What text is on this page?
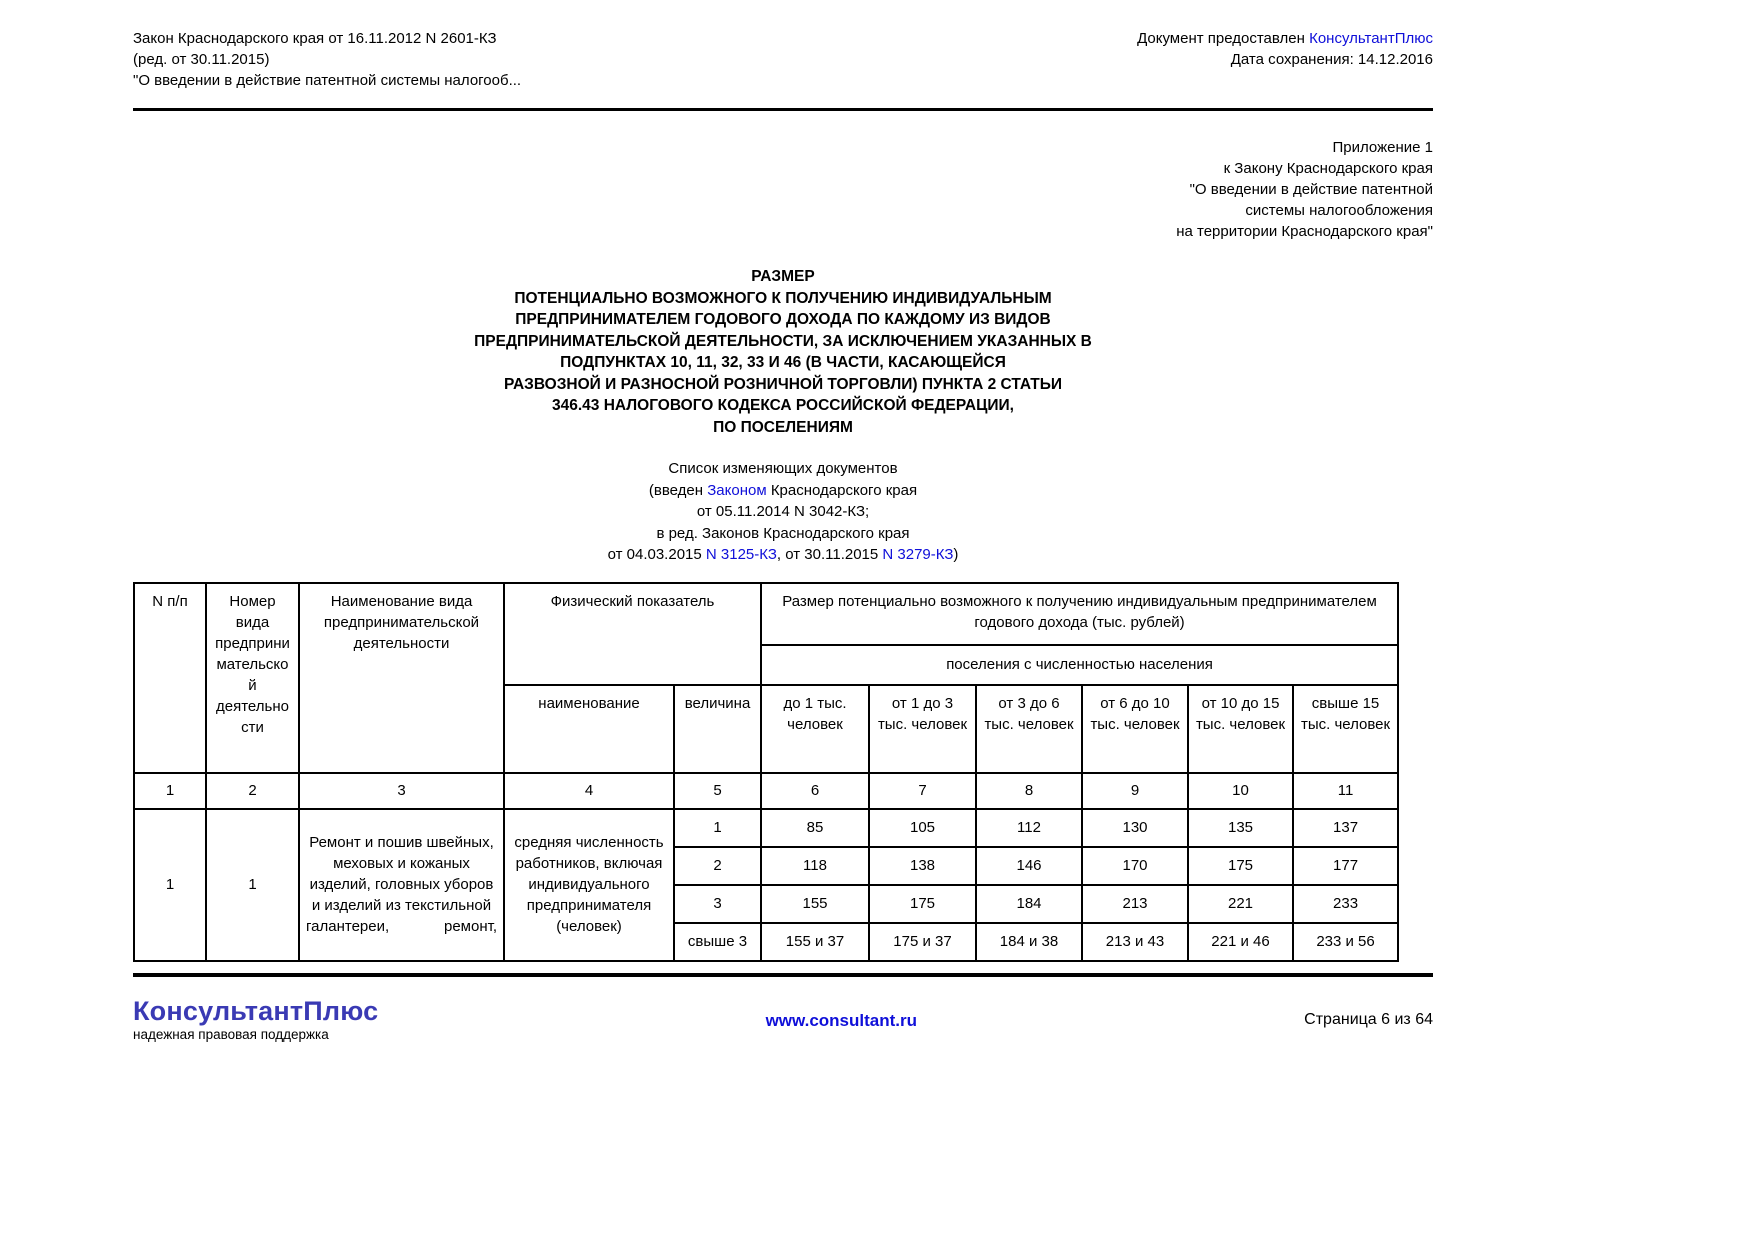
Закон Краснодарского края от 16.11.2012 N 2601-КЗ
(ред. от 30.11.2015)
"О введении в действие патентной системы налогооб...
Документ предоставлен КонсультантПлюс
Дата сохранения: 14.12.2016
Приложение 1
к Закону Краснодарского края
"О введении в действие патентной
системы налогообложения
на территории Краснодарского края"
РАЗМЕР
ПОТЕНЦИАЛЬНО ВОЗМОЖНОГО К ПОЛУЧЕНИЮ ИНДИВИДУАЛЬНЫМ
ПРЕДПРИНИМАТЕЛЕМ ГОДОВОГО ДОХОДА ПО КАЖДОМУ ИЗ ВИДОВ
ПРЕДПРИНИМАТЕЛЬСКОЙ ДЕЯТЕЛЬНОСТИ, ЗА ИСКЛЮЧЕНИЕМ УКАЗАННЫХ В
ПОДПУНКТАХ 10, 11, 32, 33 И 46 (В ЧАСТИ, КАСАЮЩЕЙСЯ
РАЗВОЗНОЙ И РАЗНОСНОЙ РОЗНИЧНОЙ ТОРГОВЛИ) ПУНКТА 2 СТАТЬИ
346.43 НАЛОГОВОГО КОДЕКСА РОССИЙСКОЙ ФЕДЕРАЦИИ,
ПО ПОСЕЛЕНИЯМ
Список изменяющих документов
(введен Законом Краснодарского края
от 05.11.2014 N 3042-КЗ;
в ред. Законов Краснодарского края
от 04.03.2015 N 3125-КЗ, от 30.11.2015 N 3279-КЗ)
N п/п	Номер вида предпринимательской деятельности	Наименование вида предпринимательской деятельности	Физический показатель		Размер потенциально возможного к получению индивидуальным предпринимателем годового дохода (тыс. рублей)					
					поселения с численностью населения					
			наименование	величина	до 1 тыс. человек	от 1 до 3 тыс. человек	от 3 до 6 тыс. человек	от 6 до 10 тыс. человек	от 10 до 15 тыс. человек	свыше 15 тыс. человек
1	2	3	4	5	6	7	8	9	10	11
1	1	Ремонт и пошив швейных, меховых и кожаных изделий, головных уборов и изделий из текстильной галантереи, ремонт,	средняя численность работников, включая индивидуального предпринимателя (человек)	1	85	105	112	130	135	137
				2	118	138	146	170	175	177
				3	155	175	184	213	221	233
				свыше 3	155 и 37	175 и 37	184 и 38	213 и 43	221 и 46	233 и 56
КонсультантПлюс
надежная правовая поддержка
www.consultant.ru	Страница 6 из 64
